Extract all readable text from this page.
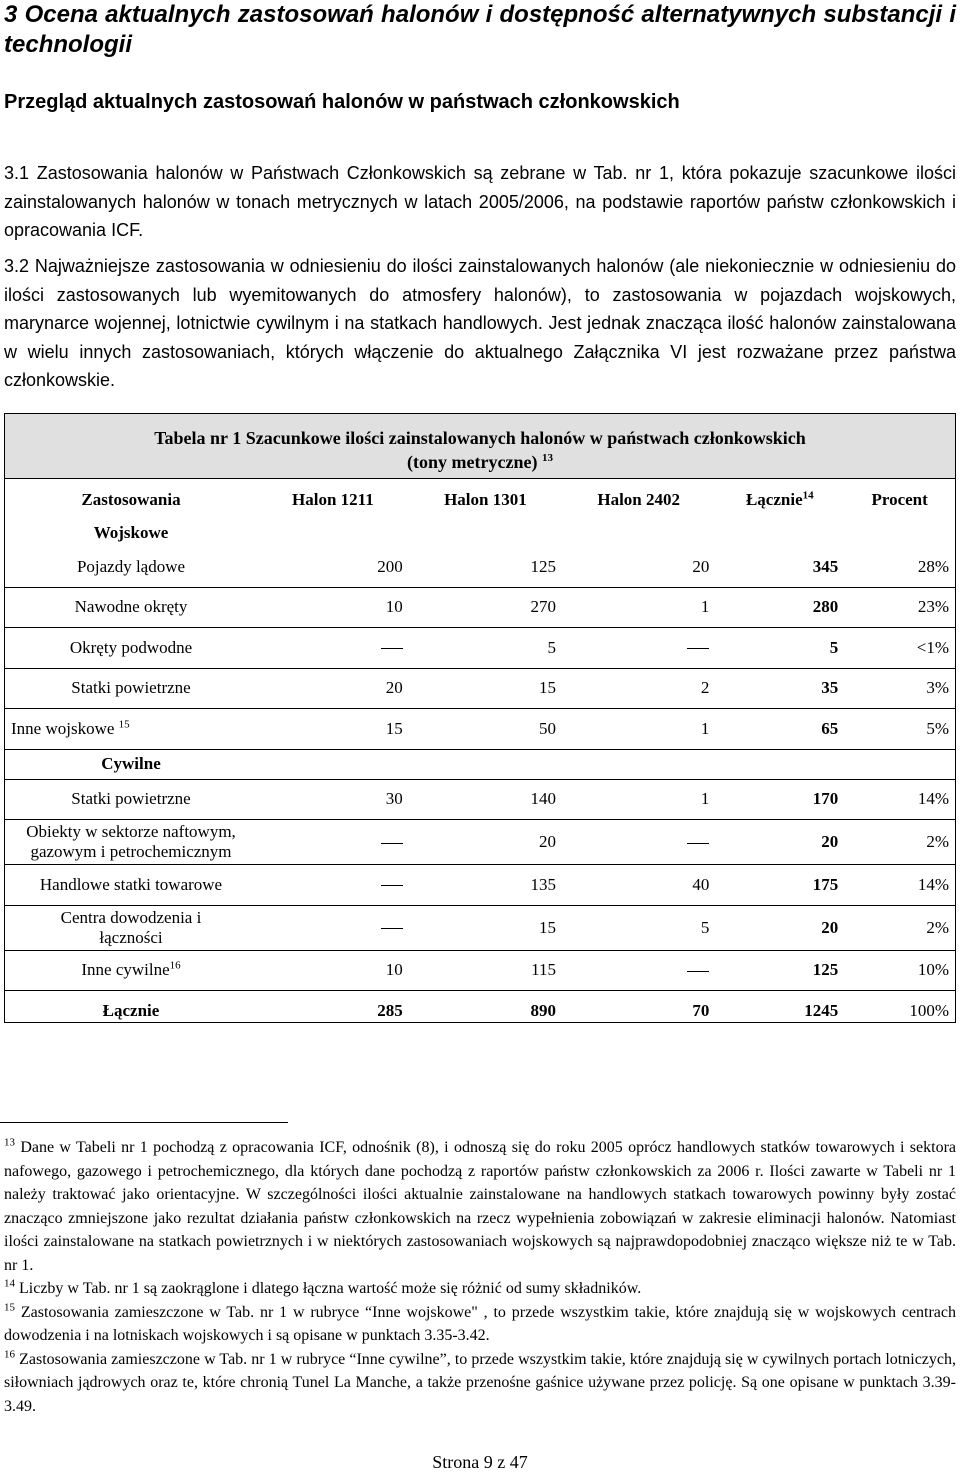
3 Ocena aktualnych zastosowań halonów i dostępność alternatywnych substancji i technologii
Przegląd aktualnych zastosowań halonów w państwach członkowskich

3.1 Zastosowania halonów w Państwach Członkowskich są zebrane w Tab. nr 1, która pokazuje szacunkowe ilości zainstalowanych halonów w tonach metrycznych w latach 2005/2006, na podstawie raportów państw członkowskich i opracowania ICF.

3.2 Najważniejsze zastosowania w odniesieniu do ilości zainstalowanych halonów (ale niekoniecznie w odniesieniu do ilości zastosowanych lub wyemitowanych do atmosfery halonów), to zastosowania w pojazdach wojskowych, marynarce wojennej, lotnictwie cywilnym i na statkach handlowych. Jest jednak znacząca ilość halonów zainstalowana w wielu innych zastosowaniach, których włączenie do aktualnego Załącznika VI jest rozważane przez państwa członkowskie.

Tabela nr 1 Szacunkowe ilości zainstalowanych halonów w państwach członkowskich
(tony metryczne) $^{13}$
Zastosowania	Halon 1211	Halon 1301	Halon 2402	Łącznie$^{14}$	Procent
Wojskowe					
Pojazdy lądowe	200	125	20	345	28%
Nawodne okręty	10	270	1	280	23%
Okręty podwodne		5		5	<1%
Statki powietrzne	20	15	2	35	3%
Inne wojskowe $^{15}$	15	50	1	65	5%
Cywilne					
Statki powietrzne	30	140	1	170	14%

Obiekty w sektorze naftowym,
gazowym i petrochemicznym		20		20	2%
Handlowe statki towarowe		135	40	175	14%

Centra dowodzenia i
łączności		15	5	20	2%
Inne cywilne$^{16}$	10	115		125	10%
Łącznie	285	890	70	1245	100%

$^{13}$ Dane w Tabeli nr 1 pochodzą z opracowania ICF, odnośnik (8), i odnoszą się do roku 2005 oprócz handlowych statków towarowych i sektora nafowego, gazowego i petrochemicznego, dla których dane pochodzą z raportów państw członkowskich za 2006 r. Ilości zawarte w Tabeli nr 1 należy traktować jako orientacyjne. W szczególności ilości aktualnie zainstalowane na handlowych statkach towarowych powinny były zostać znacząco zmniejszone jako rezultat działania państw członkowskich na rzecz wypełnienia zobowiązań w zakresie eliminacji halonów. Natomiast ilości zainstalowane na statkach powietrznych i w niektórych zastosowaniach wojskowych są najprawdopodobniej znacząco większe niż te w Tab. nr 1.

$^{14}$ Liczby w Tab. nr 1 są zaokrąglone i dlatego łączna wartość może się różnić od sumy składników.

$^{15}$ Zastosowania zamieszczone w Tab. nr 1 w rubryce “Inne wojskowe" , to przede wszystkim takie, które znajdują się w wojskowych centrach dowodzenia i na lotniskach wojskowych i są opisane w punktach 3.35-3.42.

$^{16}$ Zastosowania zamieszczone w Tab. nr 1 w rubryce “Inne cywilne”, to przede wszystkim takie, które znajdują się w cywilnych portach lotniczych, siłowniach jądrowych oraz te, które chronią Tunel La Manche, a także przenośne gaśnice używane przez policję. Są one opisane w punktach 3.39-3.49.

Strona 9 z 47
